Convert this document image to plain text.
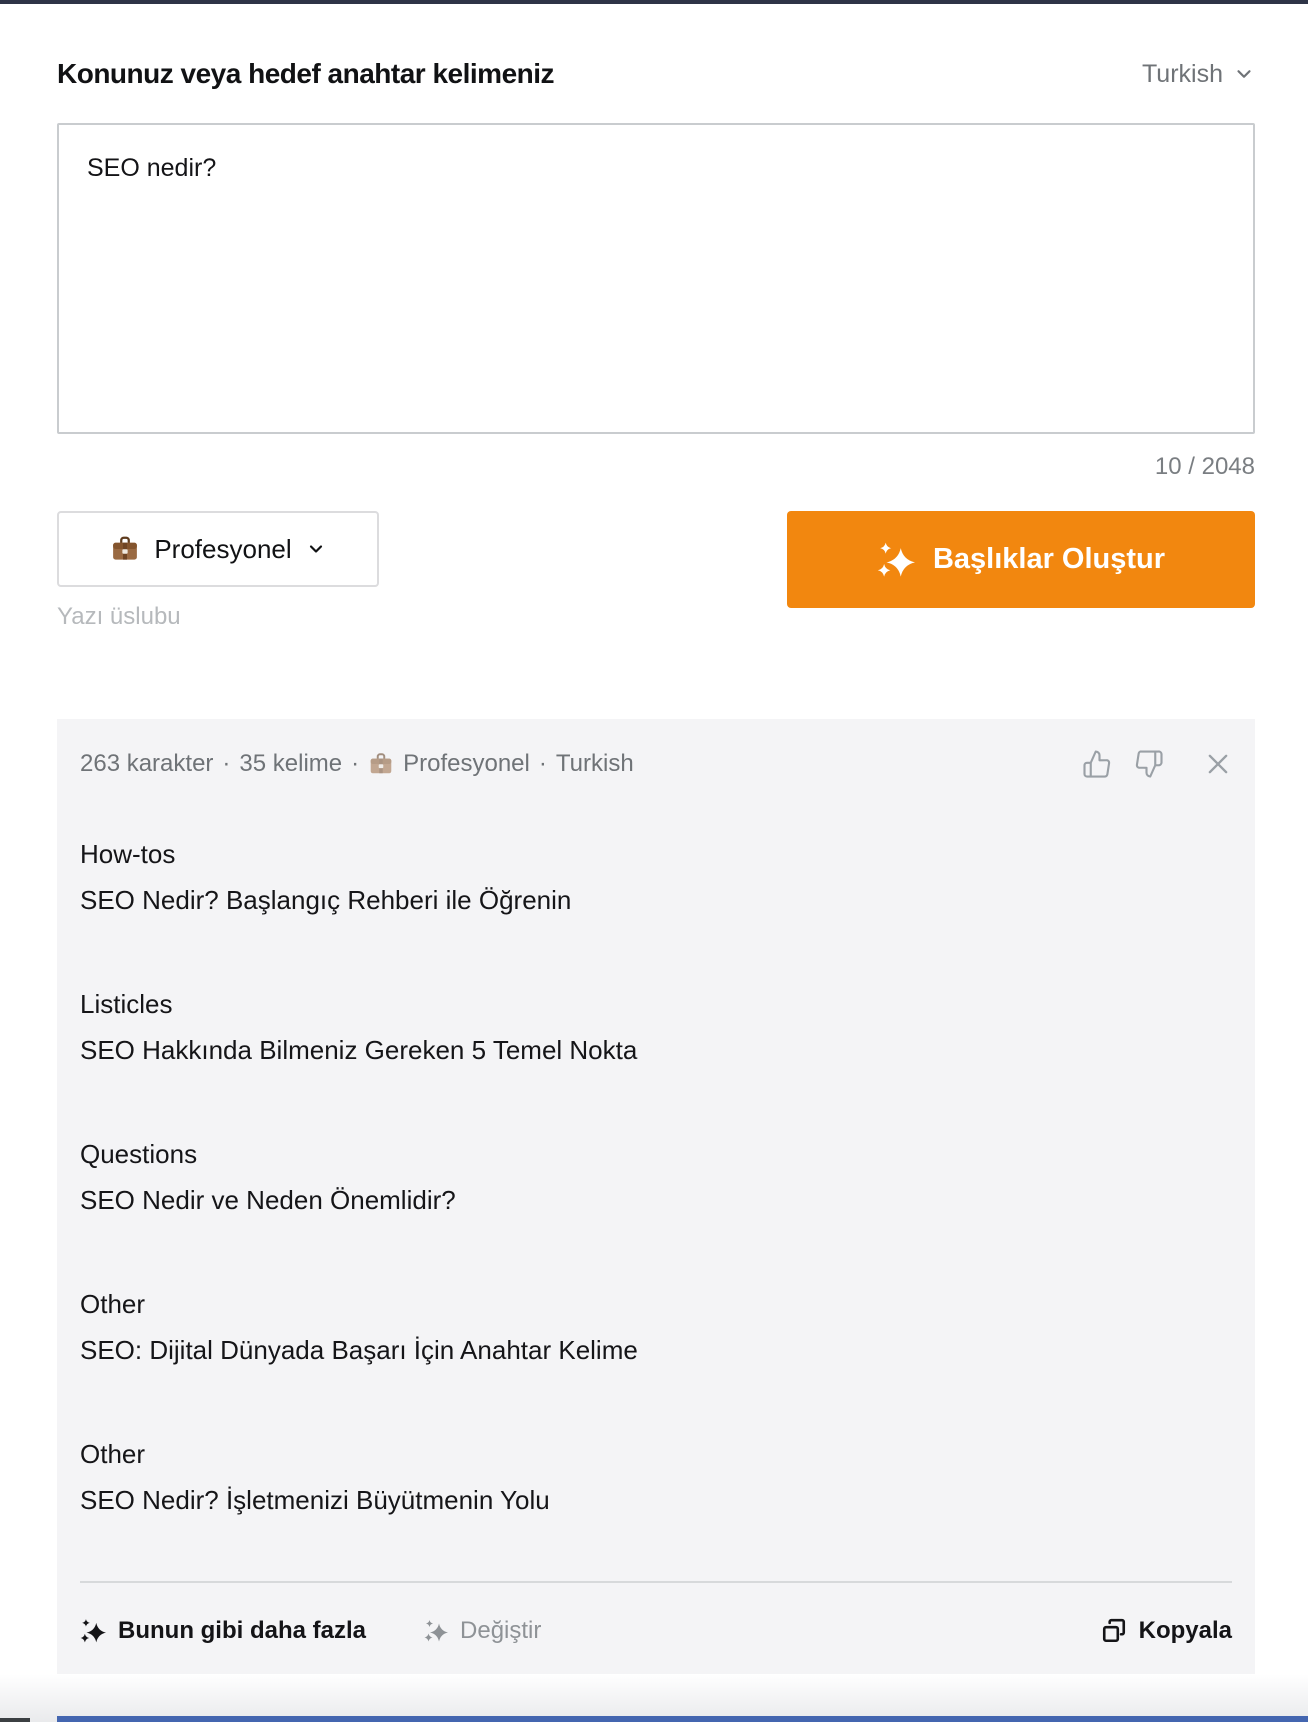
Konunuz veya hedef anahtar kelimeniz	Turkish
SEO nedir?
10 / 2048
Profesyonel
Yazı üslubu
Başlıklar Oluştur
263 karakter · 35 kelime · Profesyonel · Turkish
How-tos
SEO Nedir? Başlangıç Rehberi ile Öğrenin
Listicles
SEO Hakkında Bilmeniz Gereken 5 Temel Nokta
Questions
SEO Nedir ve Neden Önemlidir?
Other
SEO: Dijital Dünyada Başarı İçin Anahtar Kelime
Other
SEO Nedir? İşletmenizi Büyütmenin Yolu
Bunun gibi daha fazla	Değiştir	Kopyala
